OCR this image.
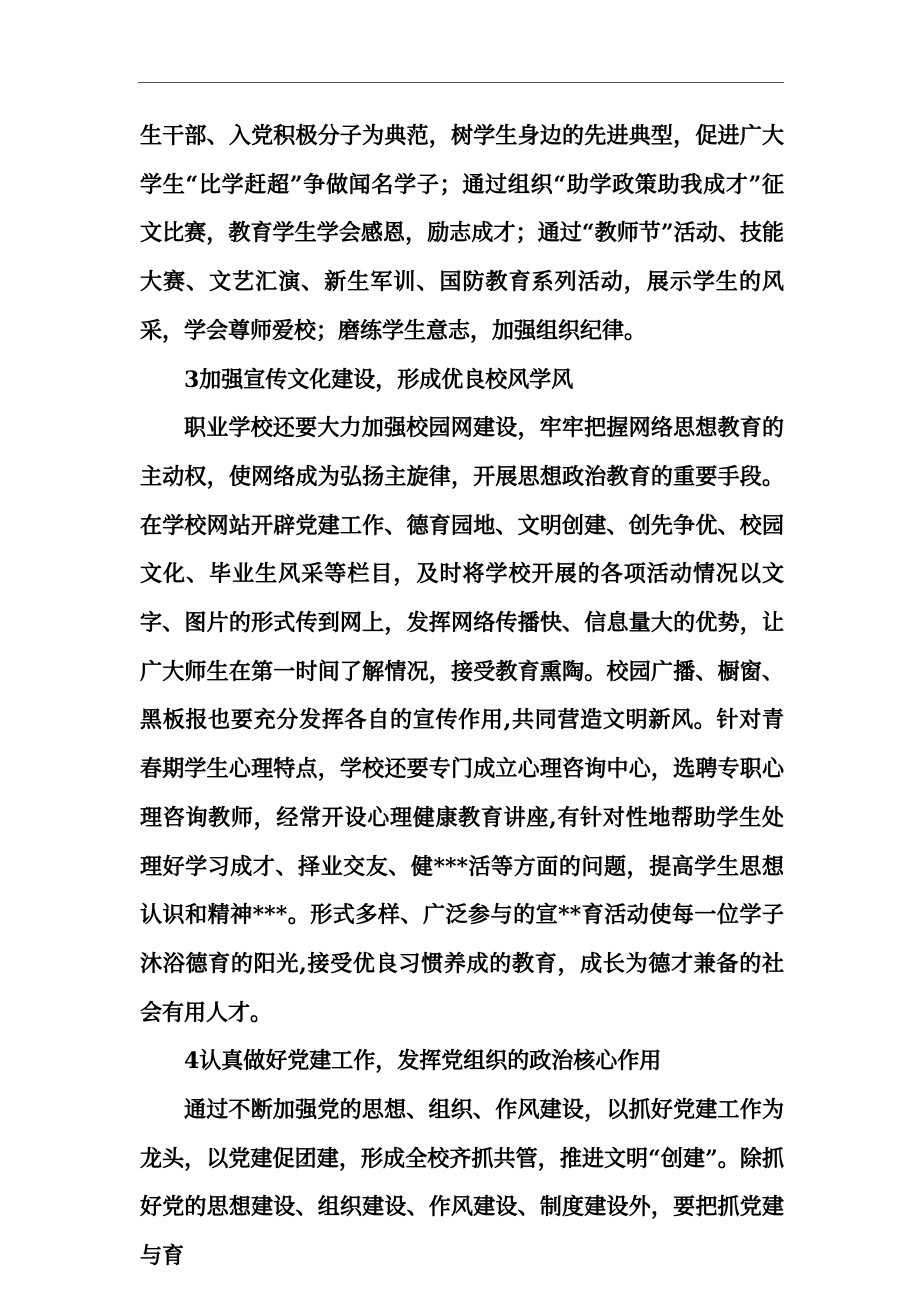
生干部、入党积极分子为典范，树学生身边的先进典型，促进广大学生“比学赶超”争做闻名学子；通过组织“助学政策助我成才”征文比赛，教育学生学会感恩，励志成才；通过“教师节”活动、技能大赛、文艺汇演、新生军训、国防教育系列活动，展示学生的风采，学会尊师爱校；磨练学生意志，加强组织纪律。

3加强宣传文化建设，形成优良校风学风

职业学校还要大力加强校园网建设，牢牢把握网络思想教育的主动权，使网络成为弘扬主旋律，开展思想政治教育的重要手段。在学校网站开辟党建工作、德育园地、文明创建、创先争优、校园文化、毕业生风采等栏目，及时将学校开展的各项活动情况以文字、图片的形式传到网上，发挥网络传播快、信息量大的优势，让广大师生在第一时间了解情况，接受教育熏陶。校园广播、橱窗、黑板报也要充分发挥各自的宣传作用,共同营造文明新风。针对青春期学生心理特点，学校还要专门成立心理咨询中心，选聘专职心理咨询教师，经常开设心理健康教育讲座,有针对性地帮助学生处理好学习成才、择业交友、健***活等方面的问题，提高学生思想认识和精神***。形式多样、广泛参与的宣**育活动使每一位学子沐浴德育的阳光,接受优良习惯养成的教育，成长为德才兼备的社会有用人才。

4认真做好党建工作，发挥党组织的政治核心作用

通过不断加强党的思想、组织、作风建设，以抓好党建工作为龙头，以党建促团建，形成全校齐抓共管，推进文明“创建”。除抓好党的思想建设、组织建设、作风建设、制度建设外，要把抓党建与育
